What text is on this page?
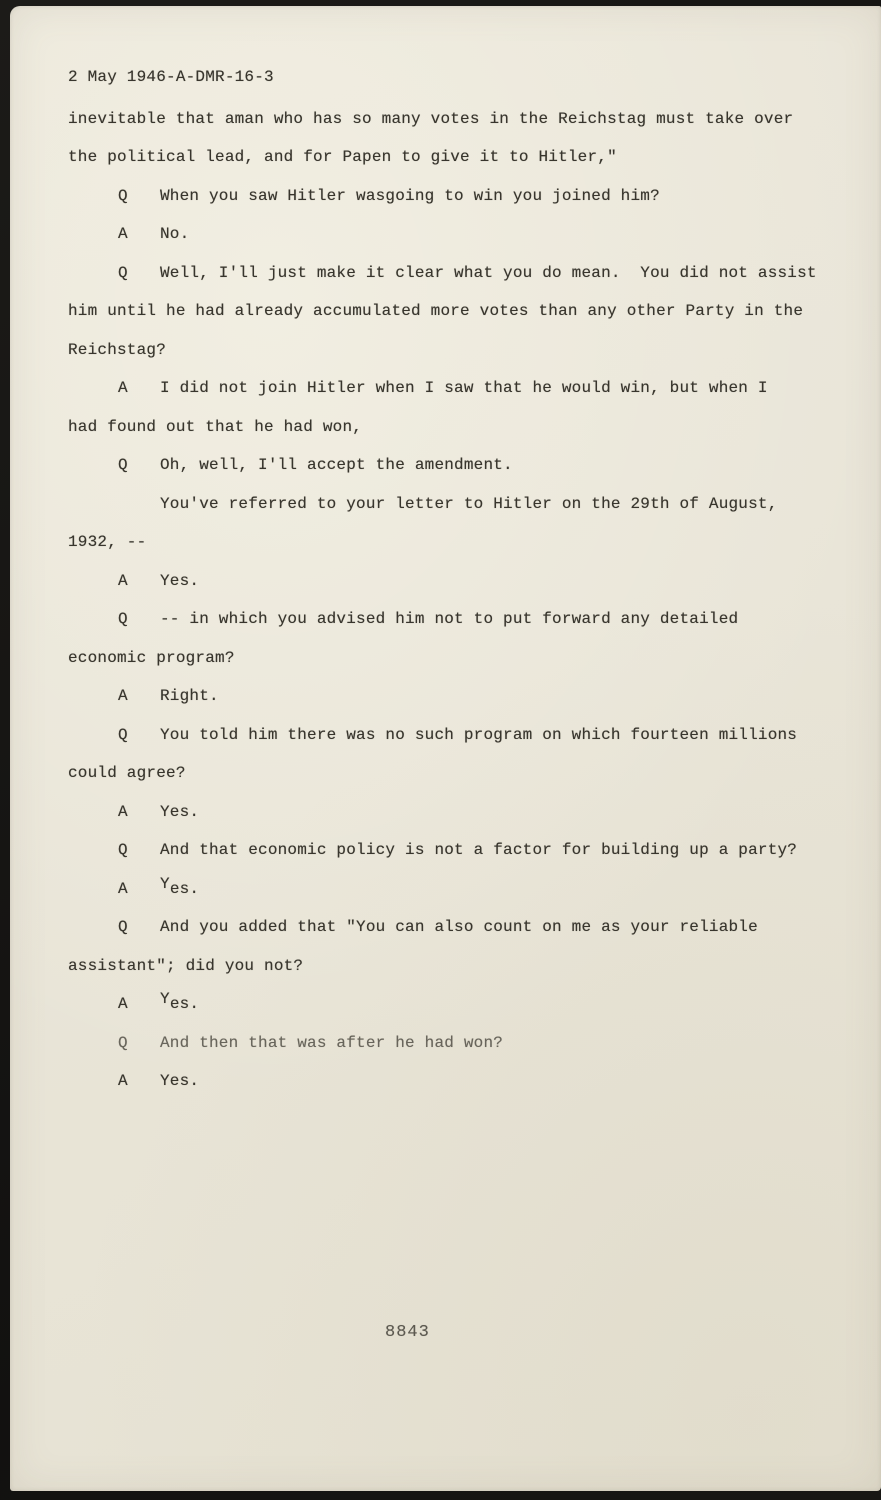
2 May 1946-A-DMR-16-3
inevitable that aman who has so many votes in the Reichstag must take over
the political lead, and for Papen to give it to Hitler,"
Q When you saw Hitler wasgoing to win you joined him?
A No.
Q Well, I'll just make it clear what you do mean.  You did not assist
him until he had already accumulated more votes than any other Party in the
Reichstag?
A I did not join Hitler when I saw that he would win, but when I
had found out that he had won,
Q Oh, well, I'll accept the amendment.
You've referred to your letter to Hitler on the 29th of August,
1932, --
A Yes.
Q -- in which you advised him not to put forward any detailed
economic program?
A Right.
Q You told him there was no such program on which fourteen millions
could agree?
A Yes.
Q And that economic policy is not a factor for building up a party?
A Yes.
Q And you added that "You can also count on me as your reliable
assistant"; did you not?
A Yes.
Q And then that was after he had won?
A Yes.
8843
